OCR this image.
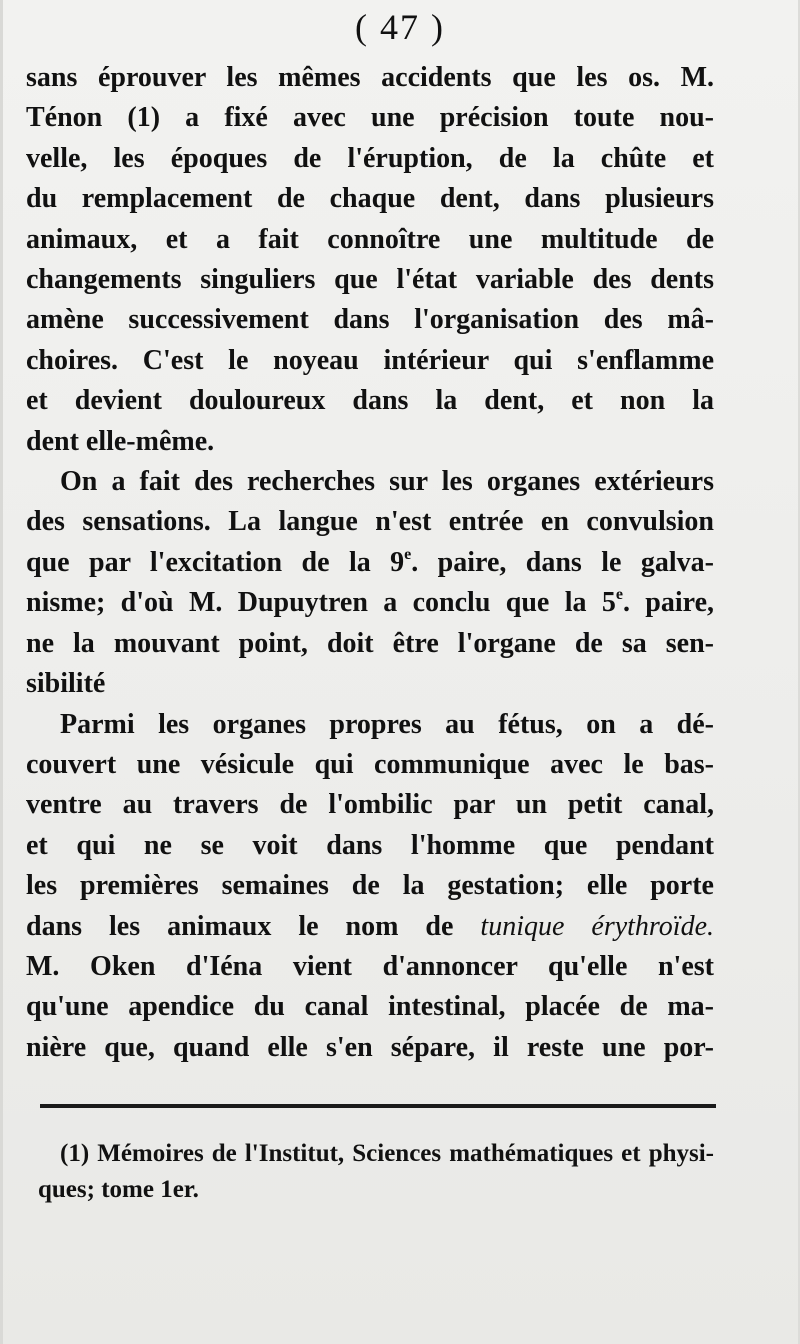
( 47 )

sans éprouver les mêmes accidents que les os. M.
Ténon (1) a fixé avec une précision toute nou-
velle, les époques de l'éruption, de la chûte et
du remplacement de chaque dent, dans plusieurs
animaux, et a fait connoître une multitude de
changements singuliers que l'état variable des dents
amène successivement dans l'organisation des mâ-
choires. C'est le noyeau intérieur qui s'enflamme
et devient douloureux dans la dent, et non la
dent elle-même.

On a fait des recherches sur les organes extérieurs
des sensations. La langue n'est entrée en convulsion
que par l'excitation de la 9e. paire, dans le galva-
nisme; d'où M. Dupuytren a conclu que la 5e. paire,
ne la mouvant point, doit être l'organe de sa sen-
sibilité

Parmi les organes propres au fétus, on a dé-
couvert une vésicule qui communique avec le bas-
ventre au travers de l'ombilic par un petit canal,
et qui ne se voit dans l'homme que pendant
les premières semaines de la gestation; elle porte
dans les animaux le nom de tunique érythroïde.
M. Oken d'Iéna vient d'annoncer qu'elle n'est
qu'une apendice du canal intestinal, placée de ma-
nière que, quand elle s'en sépare, il reste une por-

(1) Mémoires de l'Institut, Sciences mathématiques et physi-
ques; tome 1er.
